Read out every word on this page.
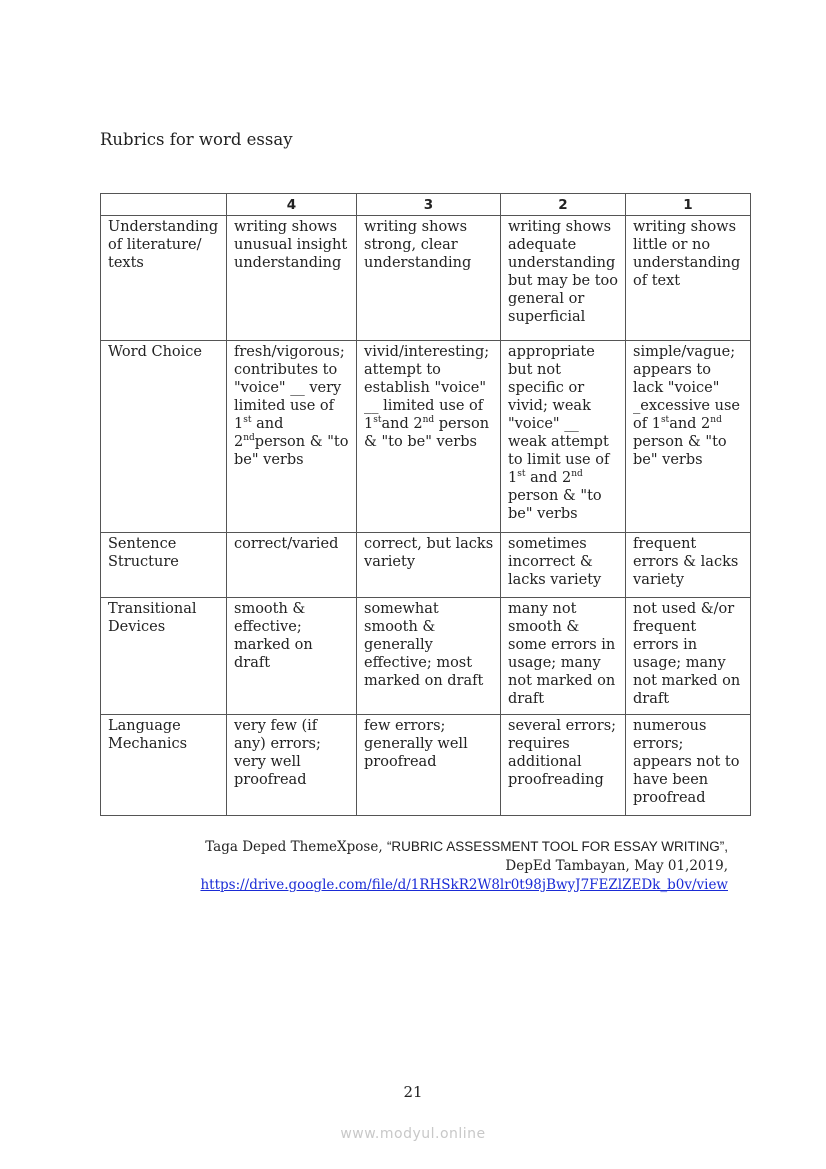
Rubrics for word essay
	4	3	2	1
Understanding of literature/ texts	writing shows unusual insight understanding	writing shows strong, clear understanding	writing shows adequate understanding but may be too general or superficial	writing shows little or no understanding of text
Word Choice	fresh/vigorous; contributes to "voice" __ very limited use of 1st and 2ndperson & "to be" verbs	vivid/interesting; attempt to establish "voice" __ limited use of 1stand 2nd person & "to be" verbs	appropriate but not specific or vivid; weak "voice" __ weak attempt to limit use of 1st and 2nd person & "to be" verbs	simple/vague; appears to lack "voice" _excessive use of 1stand 2nd person & "to be" verbs
Sentence Structure	correct/varied	correct, but lacks variety	sometimes incorrect & lacks variety	frequent errors & lacks variety
Transitional Devices	smooth & effective; marked on draft	somewhat smooth & generally effective; most marked on draft	many not smooth & some errors in usage; many not marked on draft	not used &/or frequent errors in usage; many not marked on draft
Language Mechanics	very few (if any) errors; very well proofread	few errors; generally well proofread	several errors; requires additional proofreading	numerous errors; appears not to have been proofread
Taga Deped ThemeXpose, “RUBRIC ASSESSMENT TOOL FOR ESSAY WRITING”,
DepEd Tambayan, May 01,2019,
https://drive.google.com/file/d/1RHSkR2W8lr0t98jBwyJ7FEZlZEDk_b0v/view
21
www.modyul.online
